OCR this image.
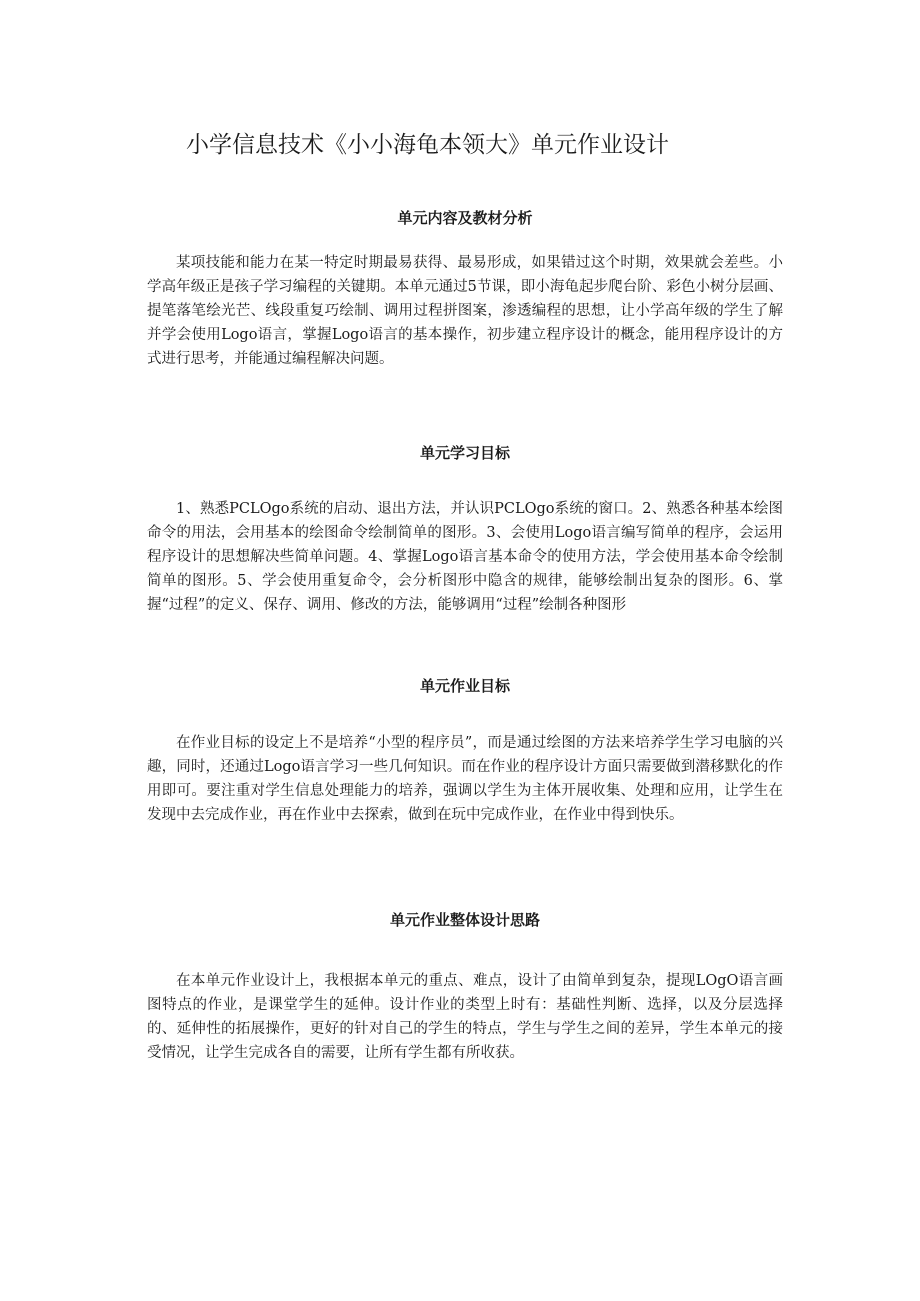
小学信息技术《小小海龟本领大》单元作业设计
单元内容及教材分析

某项技能和能力在某一特定时期最易获得、最易形成，如果错过这个时期，效果就会差些。小学高年级正是孩子学习编程的关键期。本单元通过5节课，即小海龟起步爬台阶、彩色小树分层画、提笔落笔绘光芒、线段重复巧绘制、调用过程拼图案，渗透编程的思想，让小学高年级的学生了解并学会使用Logo语言，掌握Logo语言的基本操作，初步建立程序设计的概念，能用程序设计的方式进行思考，并能通过编程解决问题。

单元学习目标

1、熟悉PCLOgo系统的启动、退出方法，并认识PCLOgo系统的窗口。2、熟悉各种基本绘图命令的用法，会用基本的绘图命令绘制简单的图形。3、会使用Logo语言编写简单的程序，会运用程序设计的思想解决些简单问题。4、掌握Logo语言基本命令的使用方法，学会使用基本命令绘制简单的图形。5、学会使用重复命令，会分析图形中隐含的规律，能够绘制出复杂的图形。6、掌握“过程”的定义、保存、调用、修改的方法，能够调用“过程”绘制各种图形

单元作业目标

在作业目标的设定上不是培养“小型的程序员”，而是通过绘图的方法来培养学生学习电脑的兴趣，同时，还通过Logo语言学习一些几何知识。而在作业的程序设计方面只需要做到潜移默化的作用即可。要注重对学生信息处理能力的培养，强调以学生为主体开展收集、处理和应用，让学生在发现中去完成作业，再在作业中去探索，做到在玩中完成作业，在作业中得到快乐。

单元作业整体设计思路

在本单元作业设计上，我根据本单元的重点、难点，设计了由简单到复杂，提现LOgO语言画图特点的作业，是课堂学生的延伸。设计作业的类型上时有：基础性判断、选择，以及分层选择的、延伸性的拓展操作，更好的针对自己的学生的特点，学生与学生之间的差异，学生本单元的接受情况，让学生完成各自的需要，让所有学生都有所收获。
